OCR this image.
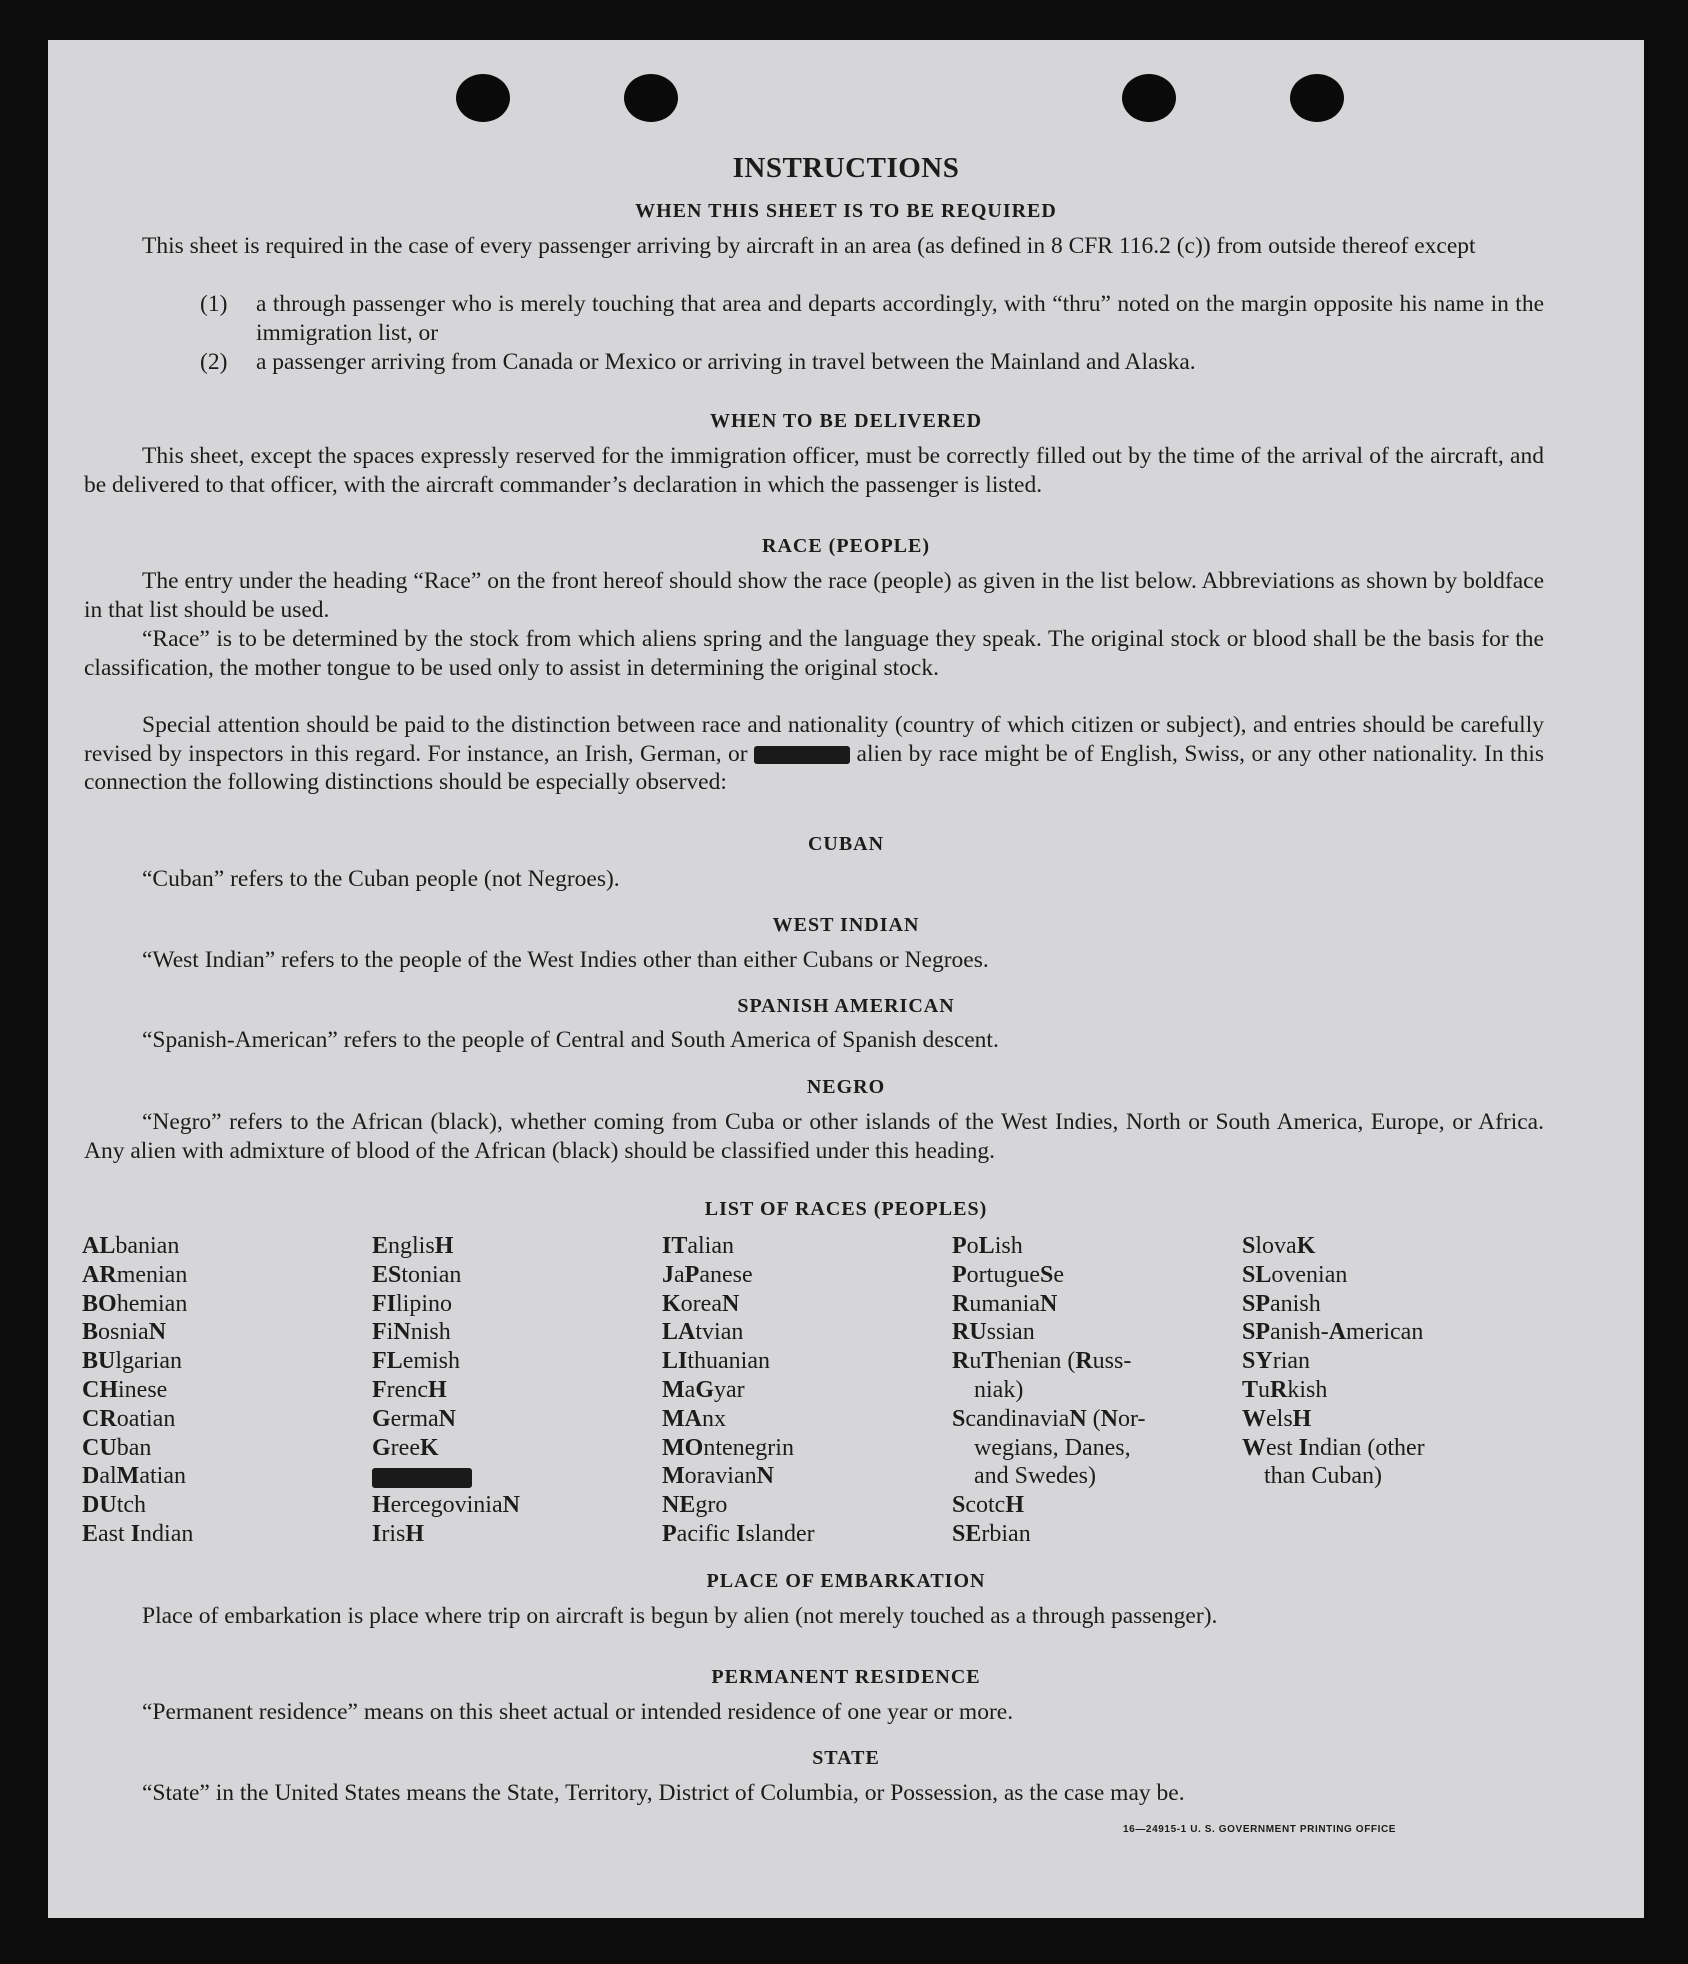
INSTRUCTIONS
WHEN THIS SHEET IS TO BE REQUIRED

This sheet is required in the case of every passenger arriving by aircraft in an area (as defined in 8 CFR 116.2 (c)) from outside thereof except

(1) a through passenger who is merely touching that area and departs accordingly, with “thru” noted on the margin opposite his name in the immigration list, or
(2) a passenger arriving from Canada or Mexico or arriving in travel between the Mainland and Alaska.
WHEN TO BE DELIVERED

This sheet, except the spaces expressly reserved for the immigration officer, must be correctly filled out by the time of the arrival of the aircraft, and be delivered to that officer, with the aircraft commander’s declaration in which the passenger is listed.

RACE (PEOPLE)

The entry under the heading “Race” on the front hereof should show the race (people) as given in the list below. Abbreviations as shown by boldface in that list should be used.

“Race” is to be determined by the stock from which aliens spring and the language they speak. The original stock or blood shall be the basis for the classification, the mother tongue to be used only to assist in determining the original stock.

Special attention should be paid to the distinction between race and nationality (country of which citizen or subject), and entries should be carefully revised by inspectors in this regard. For instance, an Irish, German, or	alien by race might be of English, Swiss, or any other nationality. In this connection the following distinctions should be especially observed:

CUBAN

“Cuban” refers to the Cuban people (not Negroes).

WEST INDIAN

“West Indian” refers to the people of the West Indies other than either Cubans or Negroes.

SPANISH AMERICAN

“Spanish-American” refers to the people of Central and South America of Spanish descent.

NEGRO

“Negro” refers to the African (black), whether coming from Cuba or other islands of the West Indies, North or South America, Europe, or Africa. Any alien with admixture of blood of the African (black) should be classified under this heading.

LIST OF RACES (PEOPLES)
ALbanian
ARmenian
BOhemian
BosniaN
BUlgarian
CHinese
CRoatian
CUban
DalMatian
DUtch
East Indian
EnglisH
EStonian
FIlipino
FiNnish
FLemish
FrencH
GermaN
GreeK
HercegoviniaN
IrisH
ITalian
JaPanese
KoreaN
LAtvian
LIthuanian
MaGyar
MAnx
MOntenegrin
MoravianN
NEgro
Pacific Islander
PoLish
PortugueSe
RumaniaN
RUssian
RuThenian (Russ-
niak)
ScandinaviaN (Nor-
wegians, Danes,
and Swedes)
ScotcH
SErbian
SlovaK
SLovenian
SPanish
SPanish-American
SYrian
TuRkish
WelsH
West Indian (other
than Cuban)
PLACE OF EMBARKATION

Place of embarkation is place where trip on aircraft is begun by alien (not merely touched as a through passenger).

PERMANENT RESIDENCE

“Permanent residence” means on this sheet actual or intended residence of one year or more.

STATE

“State” in the United States means the State, Territory, District of Columbia, or Possession, as the case may be.

16—24915-1 U. S. GOVERNMENT PRINTING OFFICE
